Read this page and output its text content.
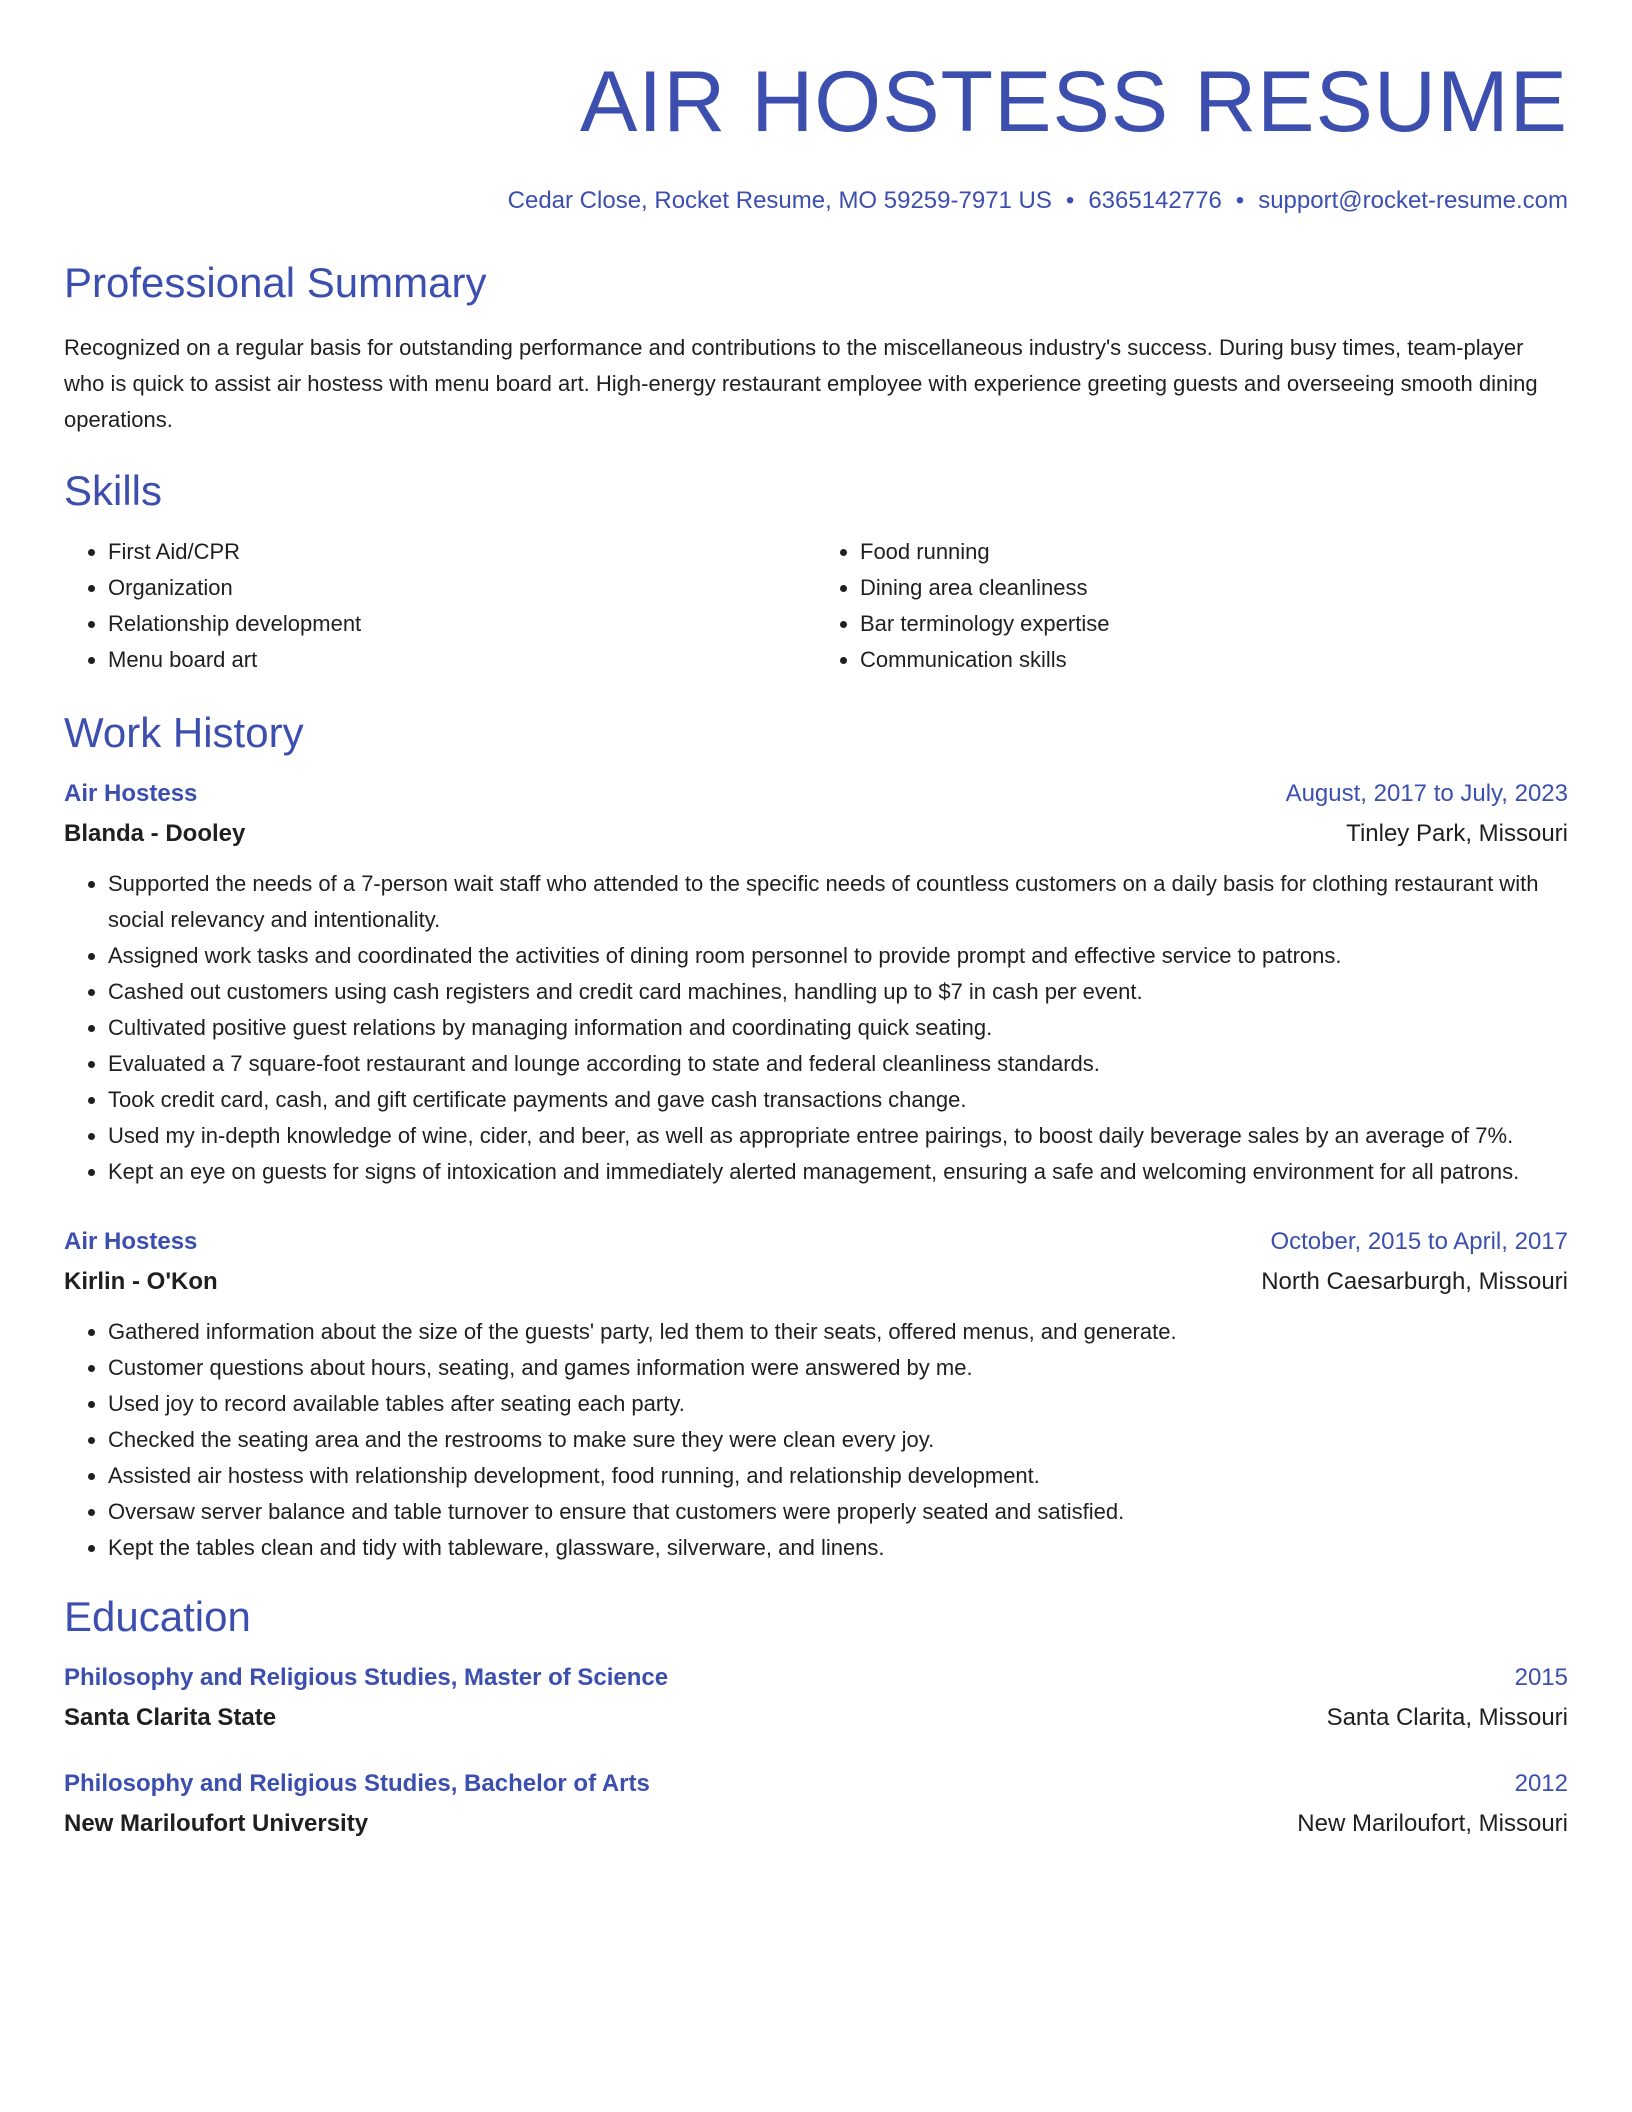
AIR HOSTESS RESUME
Cedar Close, Rocket Resume, MO 59259-7971 US • 6365142776 • support@rocket-resume.com
Professional Summary
Recognized on a regular basis for outstanding performance and contributions to the miscellaneous industry's success. During busy times, team-player who is quick to assist air hostess with menu board art. High-energy restaurant employee with experience greeting guests and overseeing smooth dining operations.
Skills
• First Aid/CPR
• Organization
• Relationship development
• Menu board art
• Food running
• Dining area cleanliness
• Bar terminology expertise
• Communication skills
Work History
Air Hostess	August, 2017 to July, 2023
Blanda - Dooley	Tinley Park, Missouri
• Supported the needs of a 7-person wait staff who attended to the specific needs of countless customers on a daily basis for clothing restaurant with social relevancy and intentionality.
• Assigned work tasks and coordinated the activities of dining room personnel to provide prompt and effective service to patrons.
• Cashed out customers using cash registers and credit card machines, handling up to $7 in cash per event.
• Cultivated positive guest relations by managing information and coordinating quick seating.
• Evaluated a 7 square-foot restaurant and lounge according to state and federal cleanliness standards.
• Took credit card, cash, and gift certificate payments and gave cash transactions change.
• Used my in-depth knowledge of wine, cider, and beer, as well as appropriate entree pairings, to boost daily beverage sales by an average of 7%.
• Kept an eye on guests for signs of intoxication and immediately alerted management, ensuring a safe and welcoming environment for all patrons.
Air Hostess	October, 2015 to April, 2017
Kirlin - O'Kon	North Caesarburgh, Missouri
• Gathered information about the size of the guests' party, led them to their seats, offered menus, and generate.
• Customer questions about hours, seating, and games information were answered by me.
• Used joy to record available tables after seating each party.
• Checked the seating area and the restrooms to make sure they were clean every joy.
• Assisted air hostess with relationship development, food running, and relationship development.
• Oversaw server balance and table turnover to ensure that customers were properly seated and satisfied.
• Kept the tables clean and tidy with tableware, glassware, silverware, and linens.
Education
Philosophy and Religious Studies, Master of Science	2015
Santa Clarita State	Santa Clarita, Missouri
Philosophy and Religious Studies, Bachelor of Arts	2012
New Mariloufort University	New Mariloufort, Missouri
